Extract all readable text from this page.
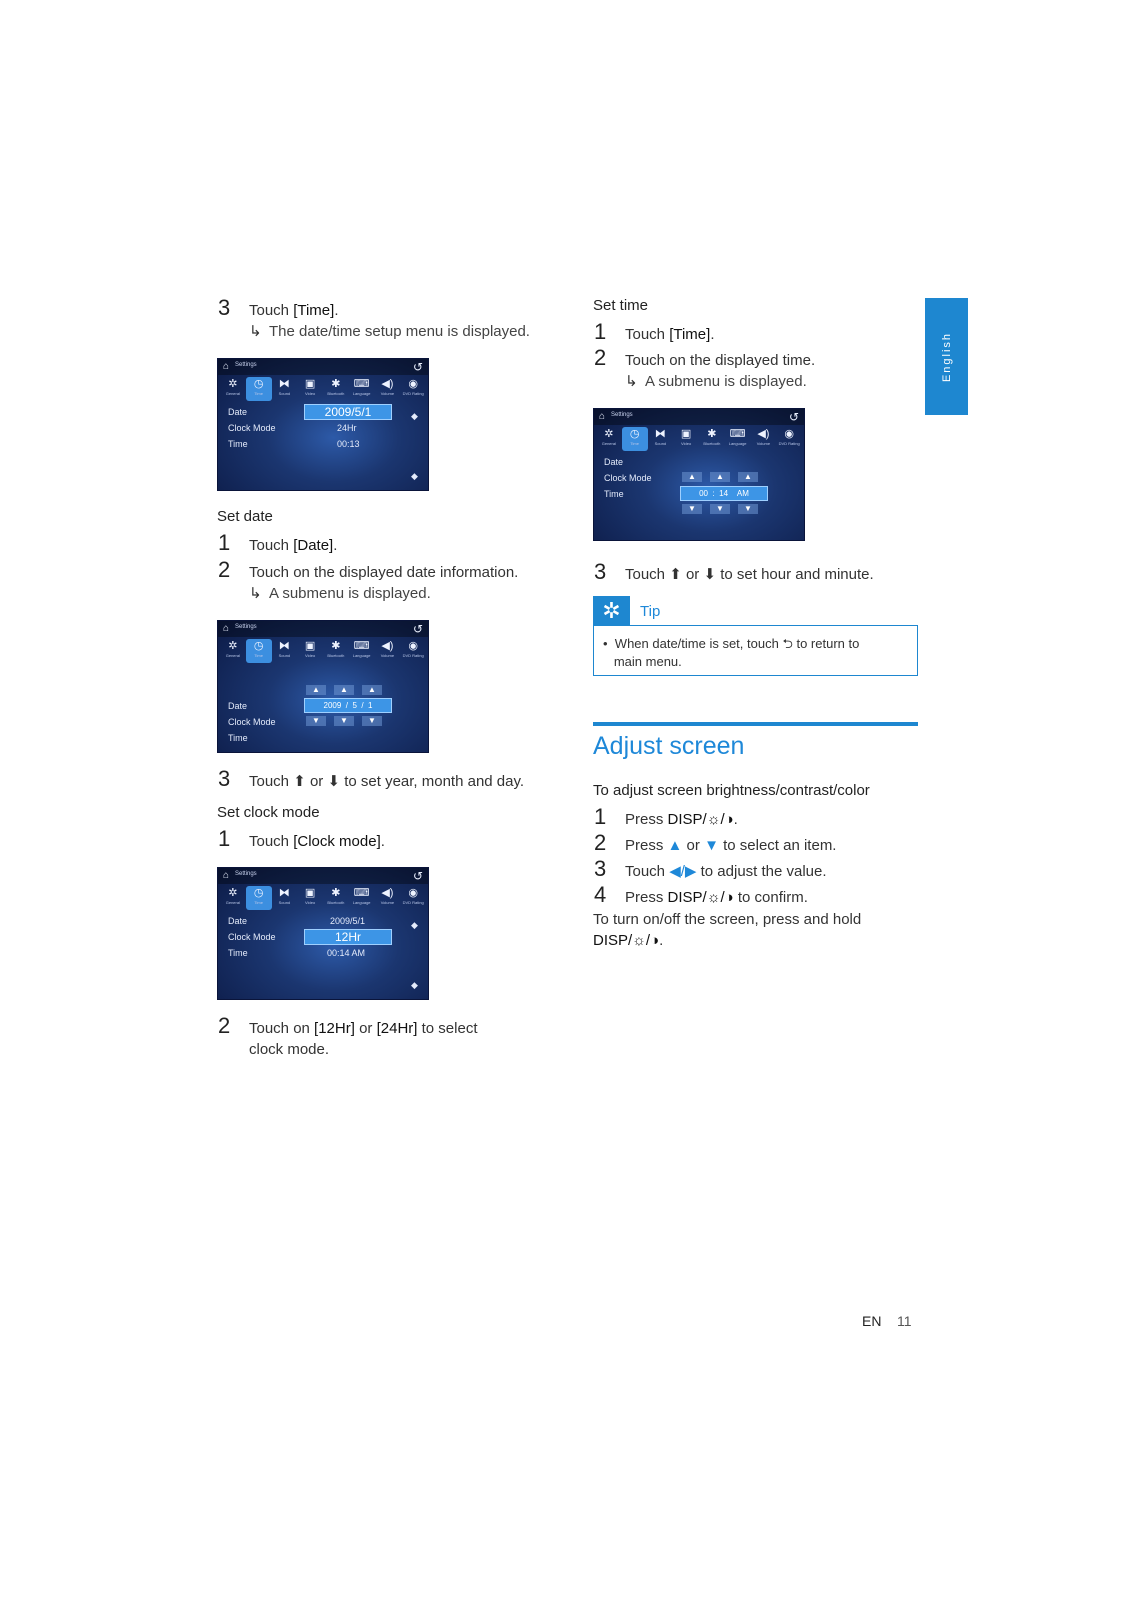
English
3 Touch [Time].
↳ The date/time setup menu is displayed.
⌂ Settings	↺
✲
General
◷
Time
⧓
Sound
▣
Video
✱
Bluetooth
⌨
Language
◀)
Volume
◉
DVD Rating
Date	2009/5/1	◆
Clock Mode	24Hr
Time	00:13
◆
Set date
1 Touch [Date].
2 Touch on the displayed date information.
↳ A submenu is displayed.
⌂ Settings	↺
✲
General
◷
Time
⧓
Sound
▣
Video
✱
Bluetooth
⌨
Language
◀)
Volume
◉
DVD Rating
▲	▲	▲
Date	2009 / 5 / 1
Clock Mode	▼	▼	▼
Time
3 Touch ⬆ or ⬇ to set year, month and day.
Set clock mode
1 Touch [Clock mode].
⌂ Settings	↺
✲
General
◷
Time
⧓
Sound
▣
Video
✱
Bluetooth
⌨
Language
◀)
Volume
◉
DVD Rating
Date	2009/5/1	◆
Clock Mode	12Hr
Time	00:14 AM
◆
2 Touch on [12Hr] or [24Hr] to select
clock mode.
Set time
1 Touch [Time].
2 Touch on the displayed time.
↳ A submenu is displayed.
⌂ Settings	↺
✲
General
◷
Time
⧓
Sound
▣
Video
✱
Bluetooth
⌨
Language
◀)
Volume
◉
DVD Rating
Date
Clock Mode	▲	▲	▲
Time	00 : 14 AM
▼	▼	▼
3 Touch ⬆ or ⬇ to set hour and minute.
✲	Tip
• When date/time is set, touch ⮌ to return to
main menu.
Adjust screen
To adjust screen brightness/contrast/color
1 Press DISP/☼/◑.
2 Press ▲ or ▼ to select an item.
3 Touch ◀/▶ to adjust the value.
4 Press DISP/☼/◑ to confirm.
To turn on/off the screen, press and hold
DISP/☼/◑.
EN 11
